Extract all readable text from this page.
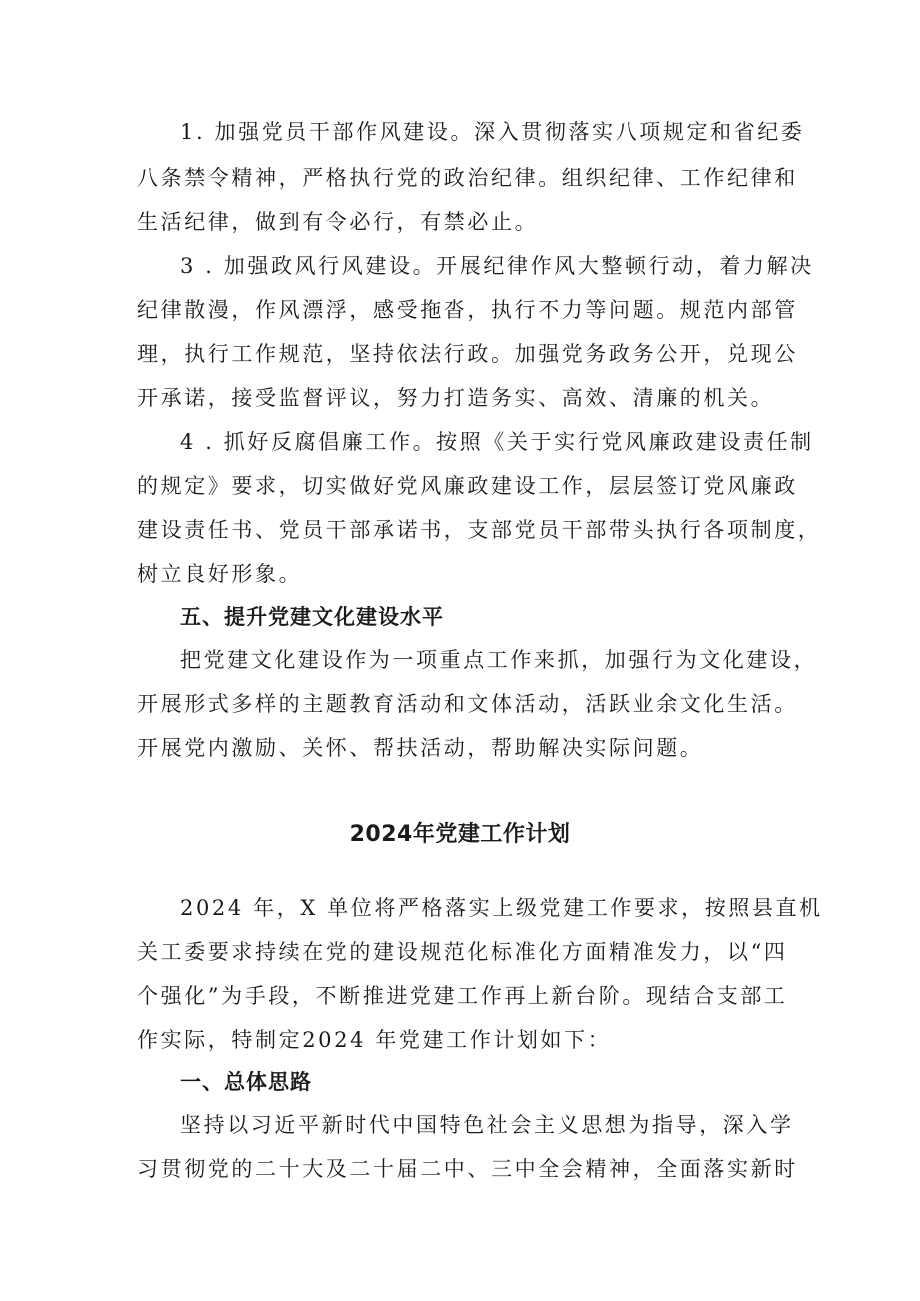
1. 加强党员干部作风建设。深入贯彻落实八项规定和省纪委
八条禁令精神，严格执行党的政治纪律。组织纪律、工作纪律和
生活纪律，做到有令必行，有禁必止。
3 . 加强政风行风建设。开展纪律作风大整顿行动，着力解决
纪律散漫，作风漂浮，感受拖沓，执行不力等问题。规范内部管
理，执行工作规范，坚持依法行政。加强党务政务公开，兑现公
开承诺，接受监督评议，努力打造务实、高效、清廉的机关。
4 . 抓好反腐倡廉工作。按照《关于实行党风廉政建设责任制
的规定》要求，切实做好党风廉政建设工作，层层签订党风廉政
建设责任书、党员干部承诺书，支部党员干部带头执行各项制度，
树立良好形象。
五、提升党建文化建设水平
把党建文化建设作为一项重点工作来抓，加强行为文化建设，
开展形式多样的主题教育活动和文体活动，活跃业余文化生活。
开展党内激励、关怀、帮扶活动，帮助解决实际问题。
2024年党建工作计划
2024 年，X 单位将严格落实上级党建工作要求，按照县直机
关工委要求持续在党的建设规范化标准化方面精准发力，以“四
个强化”为手段，不断推进党建工作再上新台阶。现结合支部工
作实际，特制定2024 年党建工作计划如下：
一、总体思路
坚持以习近平新时代中国特色社会主义思想为指导，深入学
习贯彻党的二十大及二十届二中、三中全会精神，全面落实新时
